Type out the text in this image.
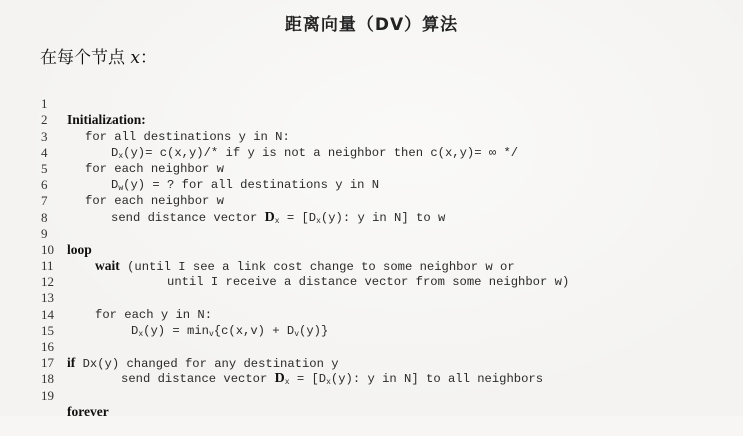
距离向量（DV）算法
在每个节点 x：

1

Initialization:

2

for all destinations y in N:

3

$D_x(y)= c(x,y)/*$ if y is not a neighbor then c(x,y)= ∞ */

4

for each neighbor w

5

$D_w(y)$ = ? for all destinations y in N

6

for each neighbor w

7

send distance vector $D_x = [D_x(y)$: y in N] to w

8

9

loop

10

wait (until I see a link cost change to some neighbor w or

11

until I receive a distance vector from some neighbor w)

12

13

for each y in N:

14

$D_x(y) = \min_v\{c(x,v) + D_v(y)\}$

15

16

if Dx(y) changed for any destination y

17

send distance vector $D_x = [D_x(y)$: y in N] to all neighbors

18

19

forever
